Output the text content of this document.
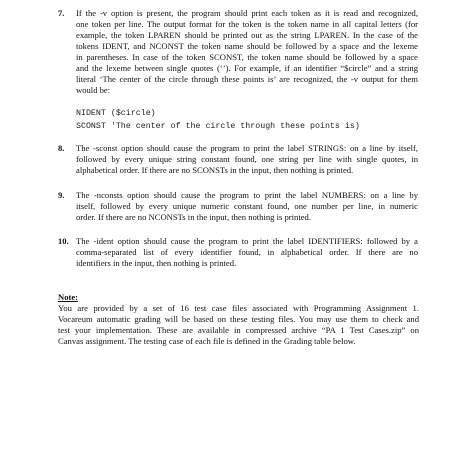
7. If the -v option is present, the program should print each token as it is read and recognized,
one token per line. The output format for the token is the token name in all capital letters (for
example, the token LPAREN should be printed out as the string LPAREN. In the case of the
tokens IDENT, and NCONST the token name should be followed by a space and the lexeme
in parentheses. In case of the token SCONST, the token name should be followed by a space
and the lexeme between single quotes (‘’). For example, if an identifier “$circle” and a string
literal ‘The center of the circle through these points is’ are recognized, the -v output for them
would be:
NIDENT ($circle)
SCONST 'The center of the circle through these points is)
8. The -sconst option should cause the program to print the label STRINGS: on a line by itself,
followed by every unique string constant found, one string per line with single quotes, in
alphabetical order. If there are no SCONSTs in the input, then nothing is printed.
9. The -nconsts option should cause the program to print the label NUMBERS: on a line by
itself, followed by every unique numeric constant found, one number per line, in numeric
order. If there are no NCONSTs in the input, then nothing is printed.
10. The -ident option should cause the program to print the label IDENTIFIERS: followed by a
comma-separated list of every identifier found, in alphabetical order. If there are no
identifiers in the input, then nothing is printed.
Note:
You are provided by a set of 16 test case files associated with Programming Assignment 1.
Vocareum automatic grading will be based on these testing files. You may use them to check and
test your implementation. These are available in compressed archive “PA 1 Test Cases.zip” on
Canvas assignment. The testing case of each file is defined in the Grading table below.
